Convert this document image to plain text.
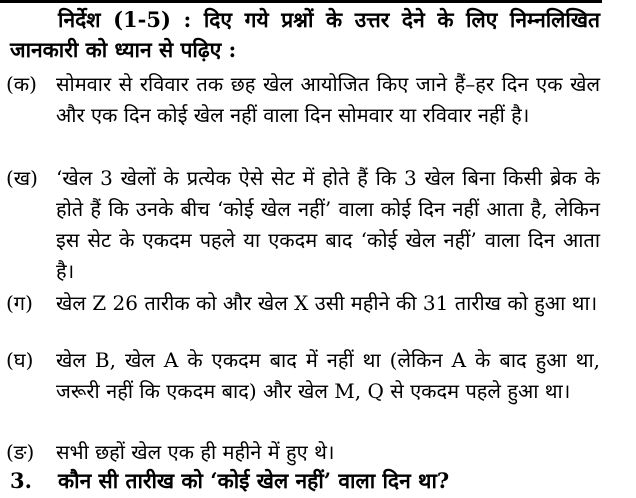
निर्देश (1-5) : दिए गये प्रश्नों के उत्तर देने के लिए निम्नलिखित जानकारी को ध्यान से पढ़िए :
(क) सोमवार से रविवार तक छह खेल आयोजित किए जाने हैं–हर दिन एक खेल और एक दिन कोई खेल नहीं वाला दिन सोमवार या रविवार नहीं है।
(ख) ‘खेल 3 खेलों के प्रत्येक ऐसे सेट में होते हैं कि 3 खेल बिना किसी ब्रेक के होते हैं कि उनके बीच ‘कोई खेल नहीं’ वाला कोई दिन नहीं आता है, लेकिन इस सेट के एकदम पहले या एकदम बाद ‘कोई खेल नहीं’ वाला दिन आता है।
(ग) खेल Z 26 तारीक को और खेल X उसी महीने की 31 तारीख को हुआ था।
(घ) खेल B, खेल A के एकदम बाद में नहीं था (लेकिन A के बाद हुआ था, जरूरी नहीं कि एकदम बाद) और खेल M, Q से एकदम पहले हुआ था।
(ङ) सभी छहों खेल एक ही महीने में हुए थे।
3. कौन सी तारीख को ‘कोई खेल नहीं’ वाला दिन था?
